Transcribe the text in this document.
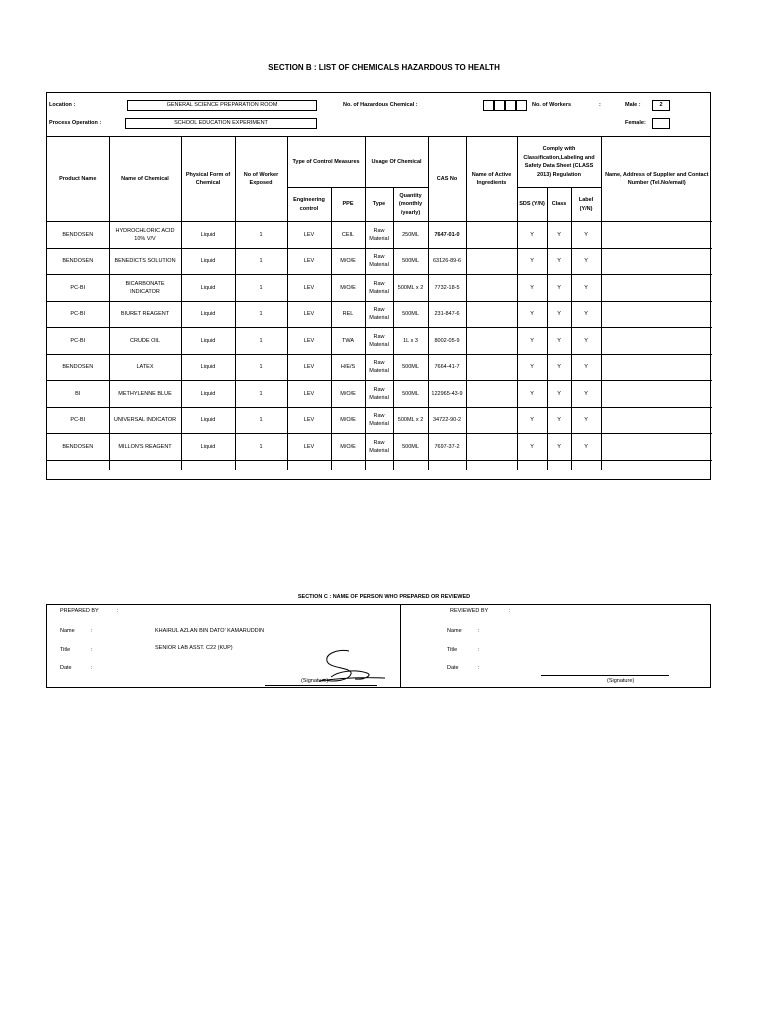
SECTION B : LIST OF CHEMICALS HAZARDOUS TO HEALTH
Location :	GENERAL SCIENCE PREPARATION ROOM	No. of Hazardous Chemical :	No. of Workers	:	Male :	2
Process Operation :	SCHOOL EDUCATION EXPERIMENT	Female:
Product Name	Name of Chemical	Physical Form of Chemical	No of Worker Exposed	Type of Control Measures		Usage Of Chemical		CAS No	Name of Active Ingredients	Comply with Classification,Labeling and Safety Data Sheet (CLASS 2013) Regulation			Name, Address of Supplier and Contact Number (Tel.No/email)
				Engineering control	PPE	Type	Quantity (monthly /yearly)			SDS (Y/N)	Class	Label (Y/N)	
BENDOSEN	HYDROCHLORIC ACID 10% V/V	Liquid	1	LEV	CEIL	Raw Material	250ML	7647-01-0		Y	Y	Y	
BENDOSEN	BENEDICTS SOLUTION	Liquid	1	LEV	M/O/E	Raw Material	500ML	63126-89-6		Y	Y	Y	
PC-BI	BICARBONATE INDICATOR	Liquid	1	LEV	M/O/E	Raw Material	500ML x 2	7732-18-5		Y	Y	Y	
PC-BI	BIURET REAGENT	Liquid	1	LEV	REL	Raw Material	500ML	231-847-6		Y	Y	Y	
PC-BI	CRUDE OIL	Liquid	1	LEV	TWA	Raw Material	1L x 3	8002-05-9		Y	Y	Y	
BENDOSEN	LATEX	Liquid	1	LEV	H/E/S	Raw Material	500ML	7664-41-7		Y	Y	Y	
BI	METHYLENNE BLUE	Liquid	1	LEV	M/O/E	Raw Material	500ML	122965-43-9		Y	Y	Y	
PC-BI	UNIVERSAL INDICATOR	Liquid	1	LEV	M/O/E	Raw Material	500ML x 2	34722-90-2		Y	Y	Y	
BENDOSEN	MILLON'S REAGENT	Liquid	1	LEV	M/O/E	Raw Material	500ML	7697-37-2		Y	Y	Y	

SECTION C : NAME OF PERSON WHO PREPARED OR REVIEWED
PREPARED BY	:
Name	:	KHAIRUL AZLAN BIN DATO' KAMARUDDIN
Title	:	SENIOR LAB ASST. C22 (KUP)
Date	:
(Signature)
REVIEWED BY	:
Name	:
Title	:
Date	:
(Signature)
